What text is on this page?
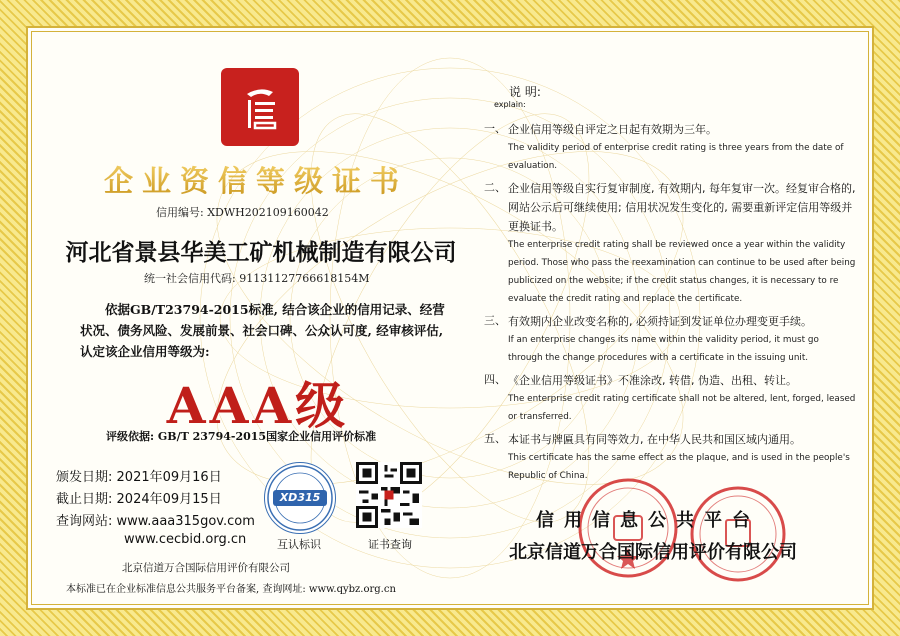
企业资信等级证书
信用编号: XDWH202109160042
河北省景县华美工矿机械制造有限公司
统一社会信用代码: 91131127766618154M
依据GB/T23794-2015标准, 结合该企业的信用记录、经营状况、债务风险、发展前景、社会口碑、公众认可度, 经审核评估, 认定该企业信用等级为:
AAA级
评级依据: GB/T 23794-2015国家企业信用评价标准
颁发日期: 2021年09月16日
截止日期: 2024年09月15日
查询网站: www.aaa315gov.com
www.cecbid.org.cn
XD315
互认标识	证书查询
北京信道万合国际信用评价有限公司
本标准已在企业标准信息公共服务平台备案, 查询网址: www.qybz.org.cn
说 明:
explain:
一、 企业信用等级自评定之日起有效期为三年。
The validity period of enterprise credit rating is three years from the date of evaluation.
二、 企业信用等级自实行复审制度, 有效期内, 每年复审一次。经复审合格的, 网站公示后可继续使用; 信用状况发生变化的, 需要重新评定信用等级并更换证书。
The enterprise credit rating shall be reviewed once a year within the validity period. Those who pass the reexamination can continue to be used after being publicized on the website; if the credit status changes, it is necessary to re evaluate the credit rating and replace the certificate.
三、 有效期内企业改变名称的, 必须持证到发证单位办理变更手续。
If an enterprise changes its name within the validity period, it must go through the change procedures with a certificate in the issuing unit.
四、 《企业信用等级证书》不准涂改, 转借, 伪造、出租、转让。
The enterprise credit rating certificate shall not be altered, lent, forged, leased or transferred.
五、 本证书与牌匾具有同等效力, 在中华人民共和国区域内通用。
This certificate has the same effect as the plaque, and is used in the people's Republic of China.
信用信息公共平台
北京信道万合国际信用评价有限公司
